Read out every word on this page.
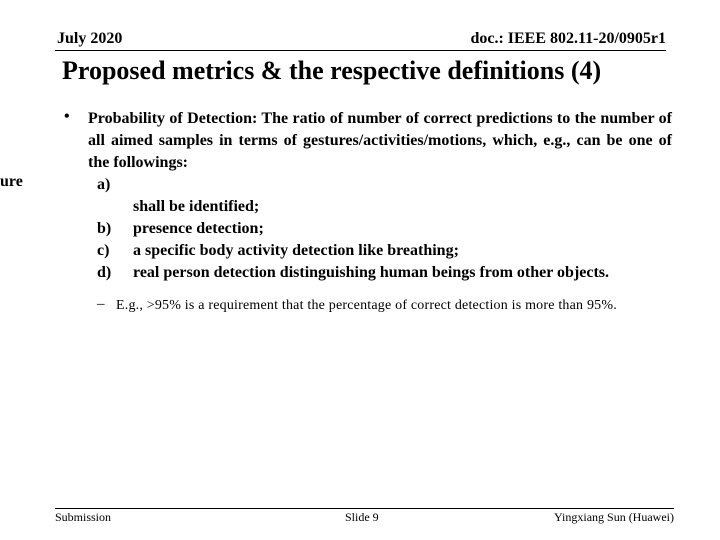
July 2020	doc.: IEEE 802.11-20/0905r1
Proposed metrics & the respective definitions (4)
ure
• Probability of Detection: The ratio of number of correct predictions to the number of all aimed samples in terms of gestures/activities/motions, which, e.g., can be one of the followings:
a)
shall be identified;
b) presence detection;
c) a specific body activity detection like breathing;
d) real person detection distinguishing human beings from other objects.
– E.g., >95% is a requirement that the percentage of correct detection is more than 95%.
Submission	Slide 9	Yingxiang Sun (Huawei)
